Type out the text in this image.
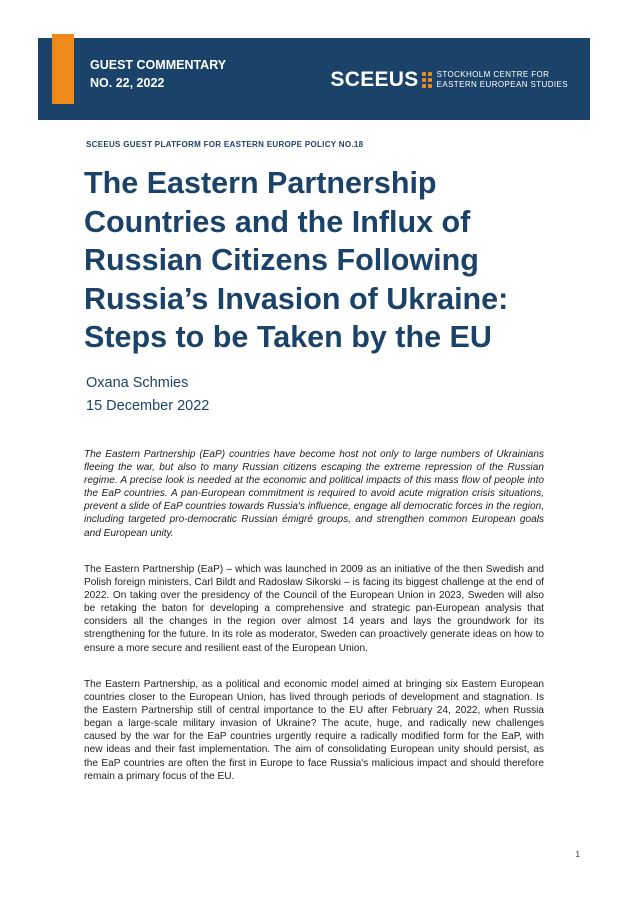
GUEST COMMENTARY
NO. 22, 2022	SCEEUS STOCKHOLM CENTRE FOR
EASTERN EUROPEAN STUDIES
SCEEUS GUEST PLATFORM FOR EASTERN EUROPE POLICY NO.18
The Eastern Partnership Countries and the Influx of Russian Citizens Following Russia’s Invasion of Ukraine: Steps to be Taken by the EU
Oxana Schmies
15 December 2022

The Eastern Partnership (EaP) countries have become host not only to large numbers of Ukrainians fleeing the war, but also to many Russian citizens escaping the extreme repression of the Russian regime. A precise look is needed at the economic and political impacts of this mass flow of people into the EaP countries. A pan-European commitment is required to avoid acute migration crisis situations, prevent a slide of EaP countries towards Russia's influence, engage all democratic forces in the region, including targeted pro-democratic Russian émigré groups, and strengthen common European goals and European unity.

The Eastern Partnership (EaP) – which was launched in 2009 as an initiative of the then Swedish and Polish foreign ministers, Carl Bildt and Radosław Sikorski – is facing its biggest challenge at the end of 2022. On taking over the presidency of the Council of the European Union in 2023, Sweden will also be retaking the baton for developing a comprehensive and strategic pan-European analysis that considers all the changes in the region over almost 14 years and lays the groundwork for its strengthening for the future. In its role as moderator, Sweden can proactively generate ideas on how to ensure a more secure and resilient east of the European Union.

The Eastern Partnership, as a political and economic model aimed at bringing six Eastern European countries closer to the European Union, has lived through periods of development and stagnation. Is the Eastern Partnership still of central importance to the EU after February 24, 2022, when Russia began a large-scale military invasion of Ukraine? The acute, huge, and radically new challenges caused by the war for the EaP countries urgently require a radically modified form for the EaP, with new ideas and their fast implementation. The aim of consolidating European unity should persist, as the EaP countries are often the first in Europe to face Russia's malicious impact and should therefore remain a primary focus of the EU.

1
